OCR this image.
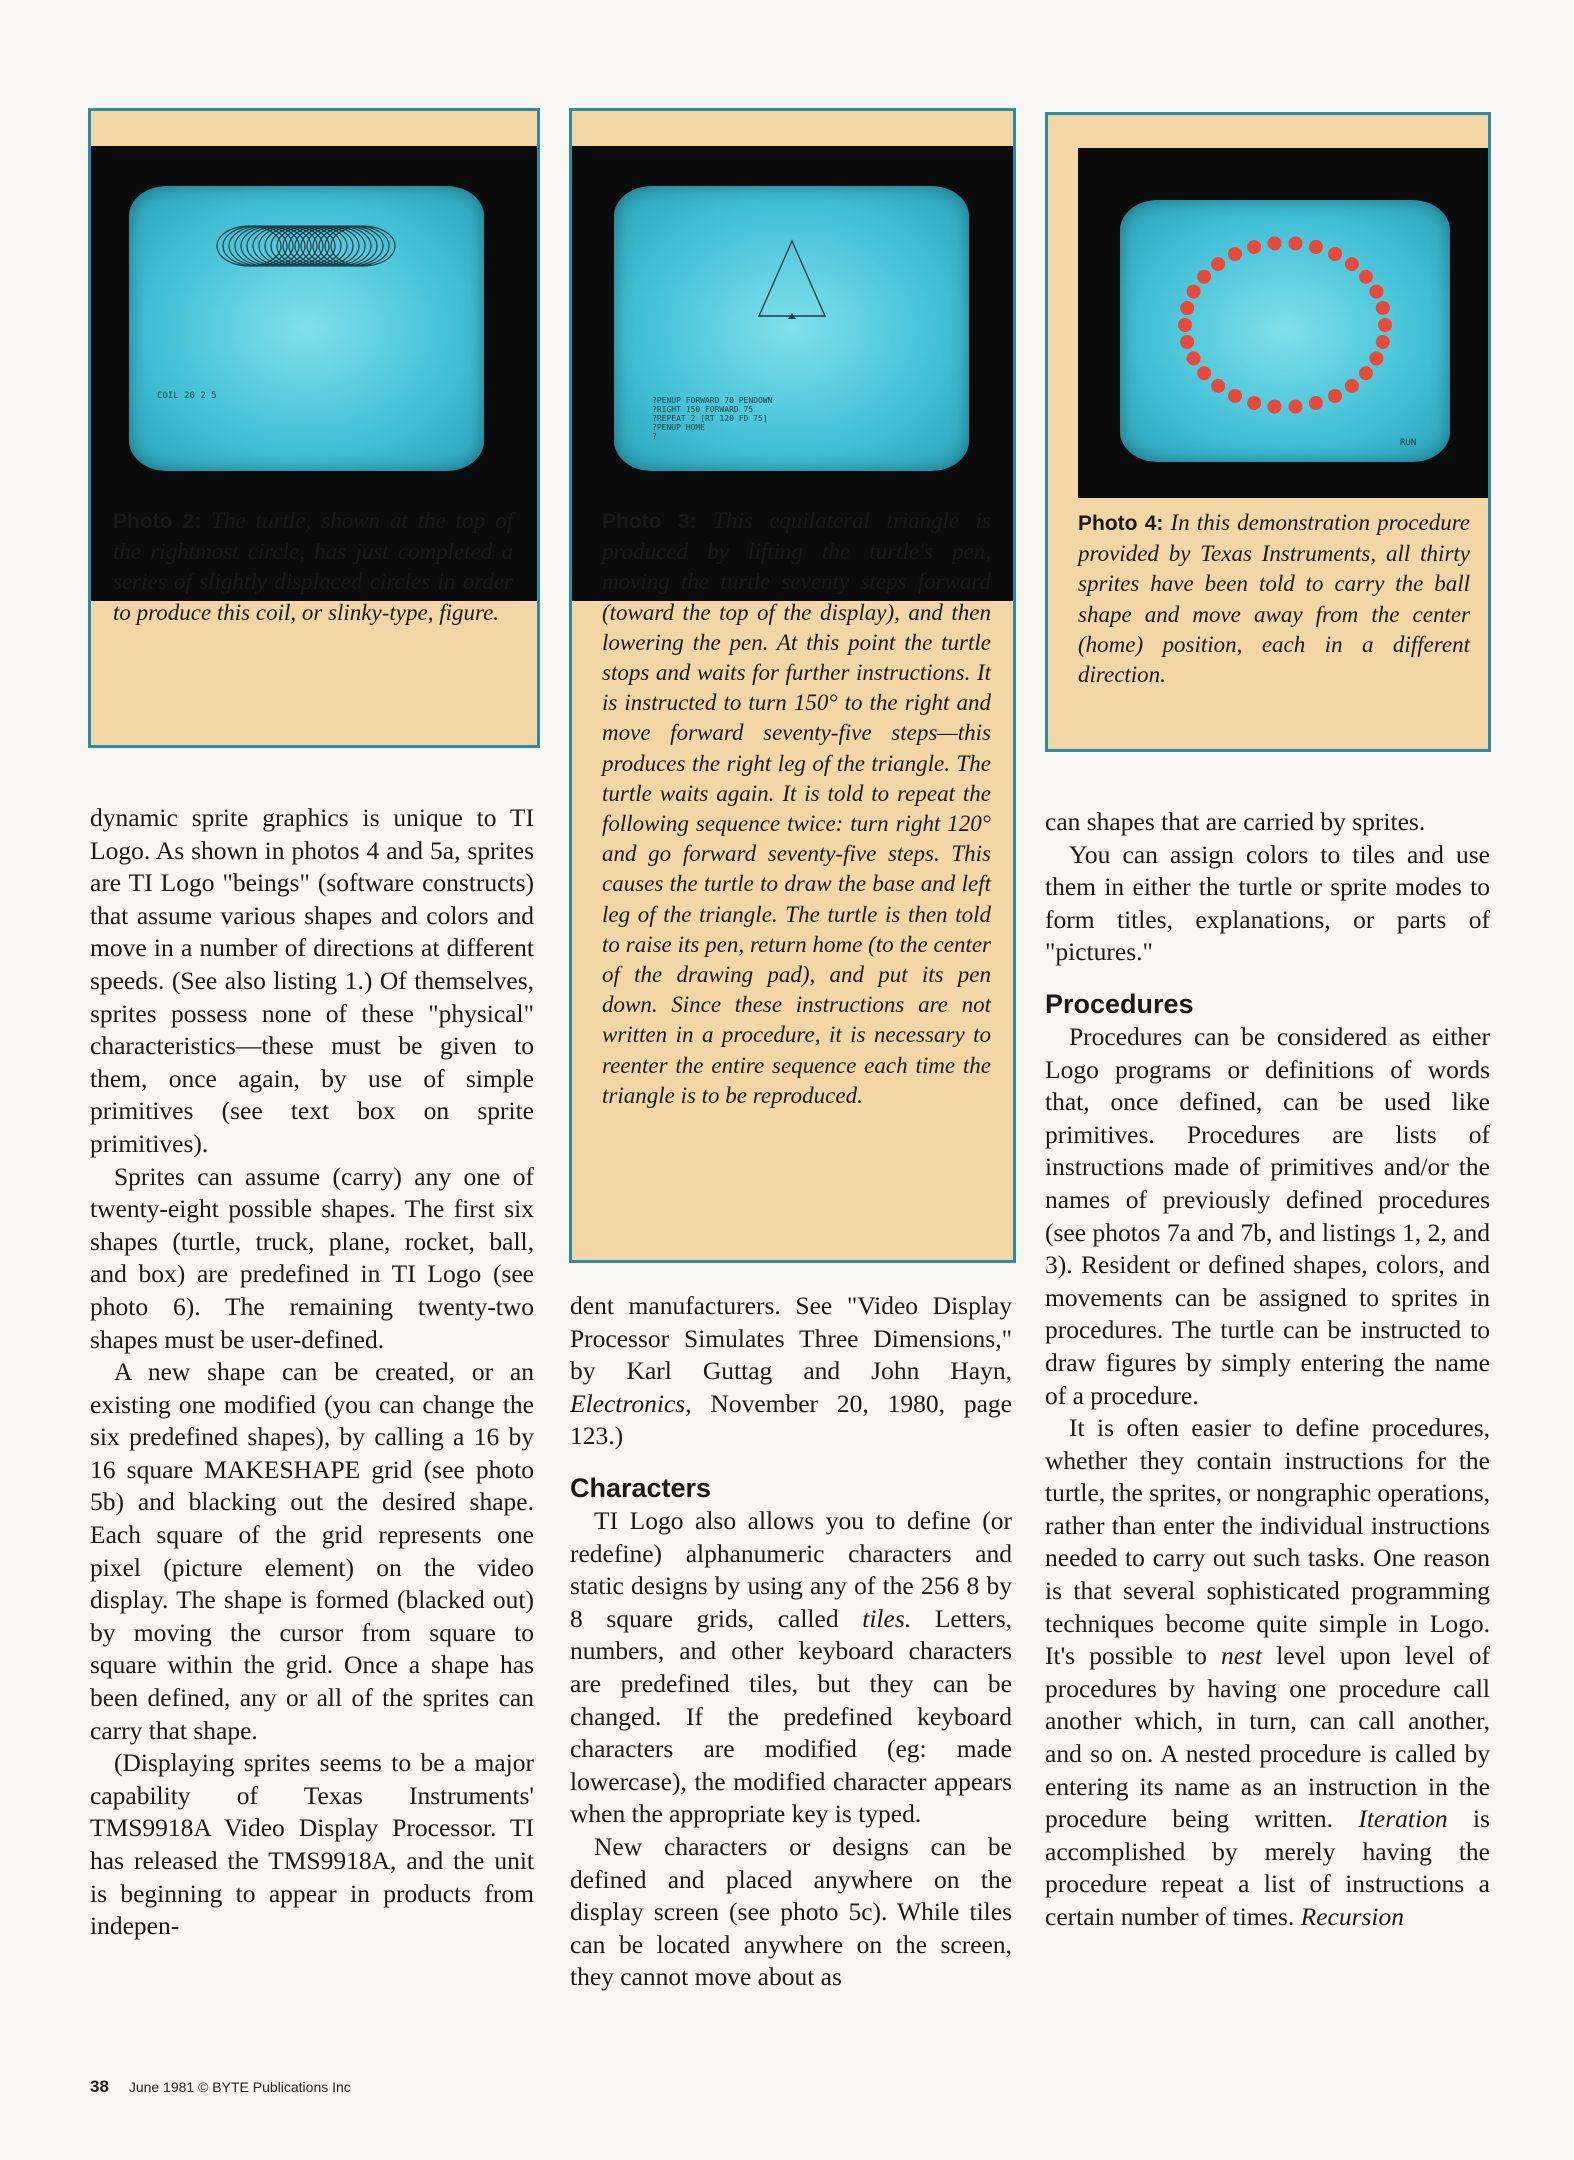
COIL 20 2 5
Photo 2: The turtle, shown at the top of the rightmost circle, has just completed a series of slightly displaced circles in order to produce this coil, or slinky-type, figure.
?PENUP FORWARD 70 PENDOWN
?RIGHT 150 FORWARD 75
?REPEAT 2 [RT 120 FD 75]
?PENUP HOME
?
Photo 3: This equilateral triangle is produced by lifting the turtle's pen, moving the turtle seventy steps forward (toward the top of the display), and then lowering the pen. At this point the turtle stops and waits for further instructions. It is instructed to turn 150° to the right and move forward seventy-five steps—this produces the right leg of the triangle. The turtle waits again. It is told to repeat the following sequence twice: turn right 120° and go forward seventy-five steps. This causes the turtle to draw the base and left leg of the triangle. The turtle is then told to raise its pen, return home (to the center of the drawing pad), and put its pen down. Since these instructions are not written in a procedure, it is necessary to reenter the entire sequence each time the triangle is to be reproduced.
RUN
Photo 4: In this demonstration procedure provided by Texas Instruments, all thirty sprites have been told to carry the ball shape and move away from the center (home) position, each in a different direction.

dynamic sprite graphics is unique to TI Logo. As shown in photos 4 and 5a, sprites are TI Logo "beings" (software constructs) that assume various shapes and colors and move in a number of directions at different speeds. (See also listing 1.) Of themselves, sprites possess none of these "physical" characteristics—these must be given to them, once again, by use of simple primitives (see text box on sprite primitives).

Sprites can assume (carry) any one of twenty-eight possible shapes. The first six shapes (turtle, truck, plane, rocket, ball, and box) are predefined in TI Logo (see photo 6). The remaining twenty-two shapes must be user-defined.

A new shape can be created, or an existing one modified (you can change the six predefined shapes), by calling a 16 by 16 square MAKESHAPE grid (see photo 5b) and blacking out the desired shape. Each square of the grid represents one pixel (picture element) on the video display. The shape is formed (blacked out) by moving the cursor from square to square within the grid. Once a shape has been defined, any or all of the sprites can carry that shape.

(Displaying sprites seems to be a major capability of Texas Instruments' TMS9918A Video Display Processor. TI has released the TMS9918A, and the unit is beginning to appear in products from indepen-

dent manufacturers. See "Video Display Processor Simulates Three Dimensions," by Karl Guttag and John Hayn, Electronics, November 20, 1980, page 123.)

Characters

TI Logo also allows you to define (or redefine) alphanumeric characters and static designs by using any of the 256 8 by 8 square grids, called tiles. Letters, numbers, and other keyboard characters are predefined tiles, but they can be changed. If the predefined keyboard characters are modified (eg: made lowercase), the modified character appears when the appropriate key is typed.

New characters or designs can be defined and placed anywhere on the display screen (see photo 5c). While tiles can be located anywhere on the screen, they cannot move about as

can shapes that are carried by sprites.

You can assign colors to tiles and use them in either the turtle or sprite modes to form titles, explanations, or parts of "pictures."

Procedures

Procedures can be considered as either Logo programs or definitions of words that, once defined, can be used like primitives. Procedures are lists of instructions made of primitives and/or the names of previously defined procedures (see photos 7a and 7b, and listings 1, 2, and 3). Resident or defined shapes, colors, and movements can be assigned to sprites in procedures. The turtle can be instructed to draw figures by simply entering the name of a procedure.

It is often easier to define procedures, whether they contain instructions for the turtle, the sprites, or nongraphic operations, rather than enter the individual instructions needed to carry out such tasks. One reason is that several sophisticated programming techniques become quite simple in Logo. It's possible to nest level upon level of procedures by having one procedure call another which, in turn, can call another, and so on. A nested procedure is called by entering its name as an instruction in the procedure being written. Iteration is accomplished by merely having the procedure repeat a list of instructions a certain number of times. Recursion

38 June 1981 © BYTE Publications Inc
